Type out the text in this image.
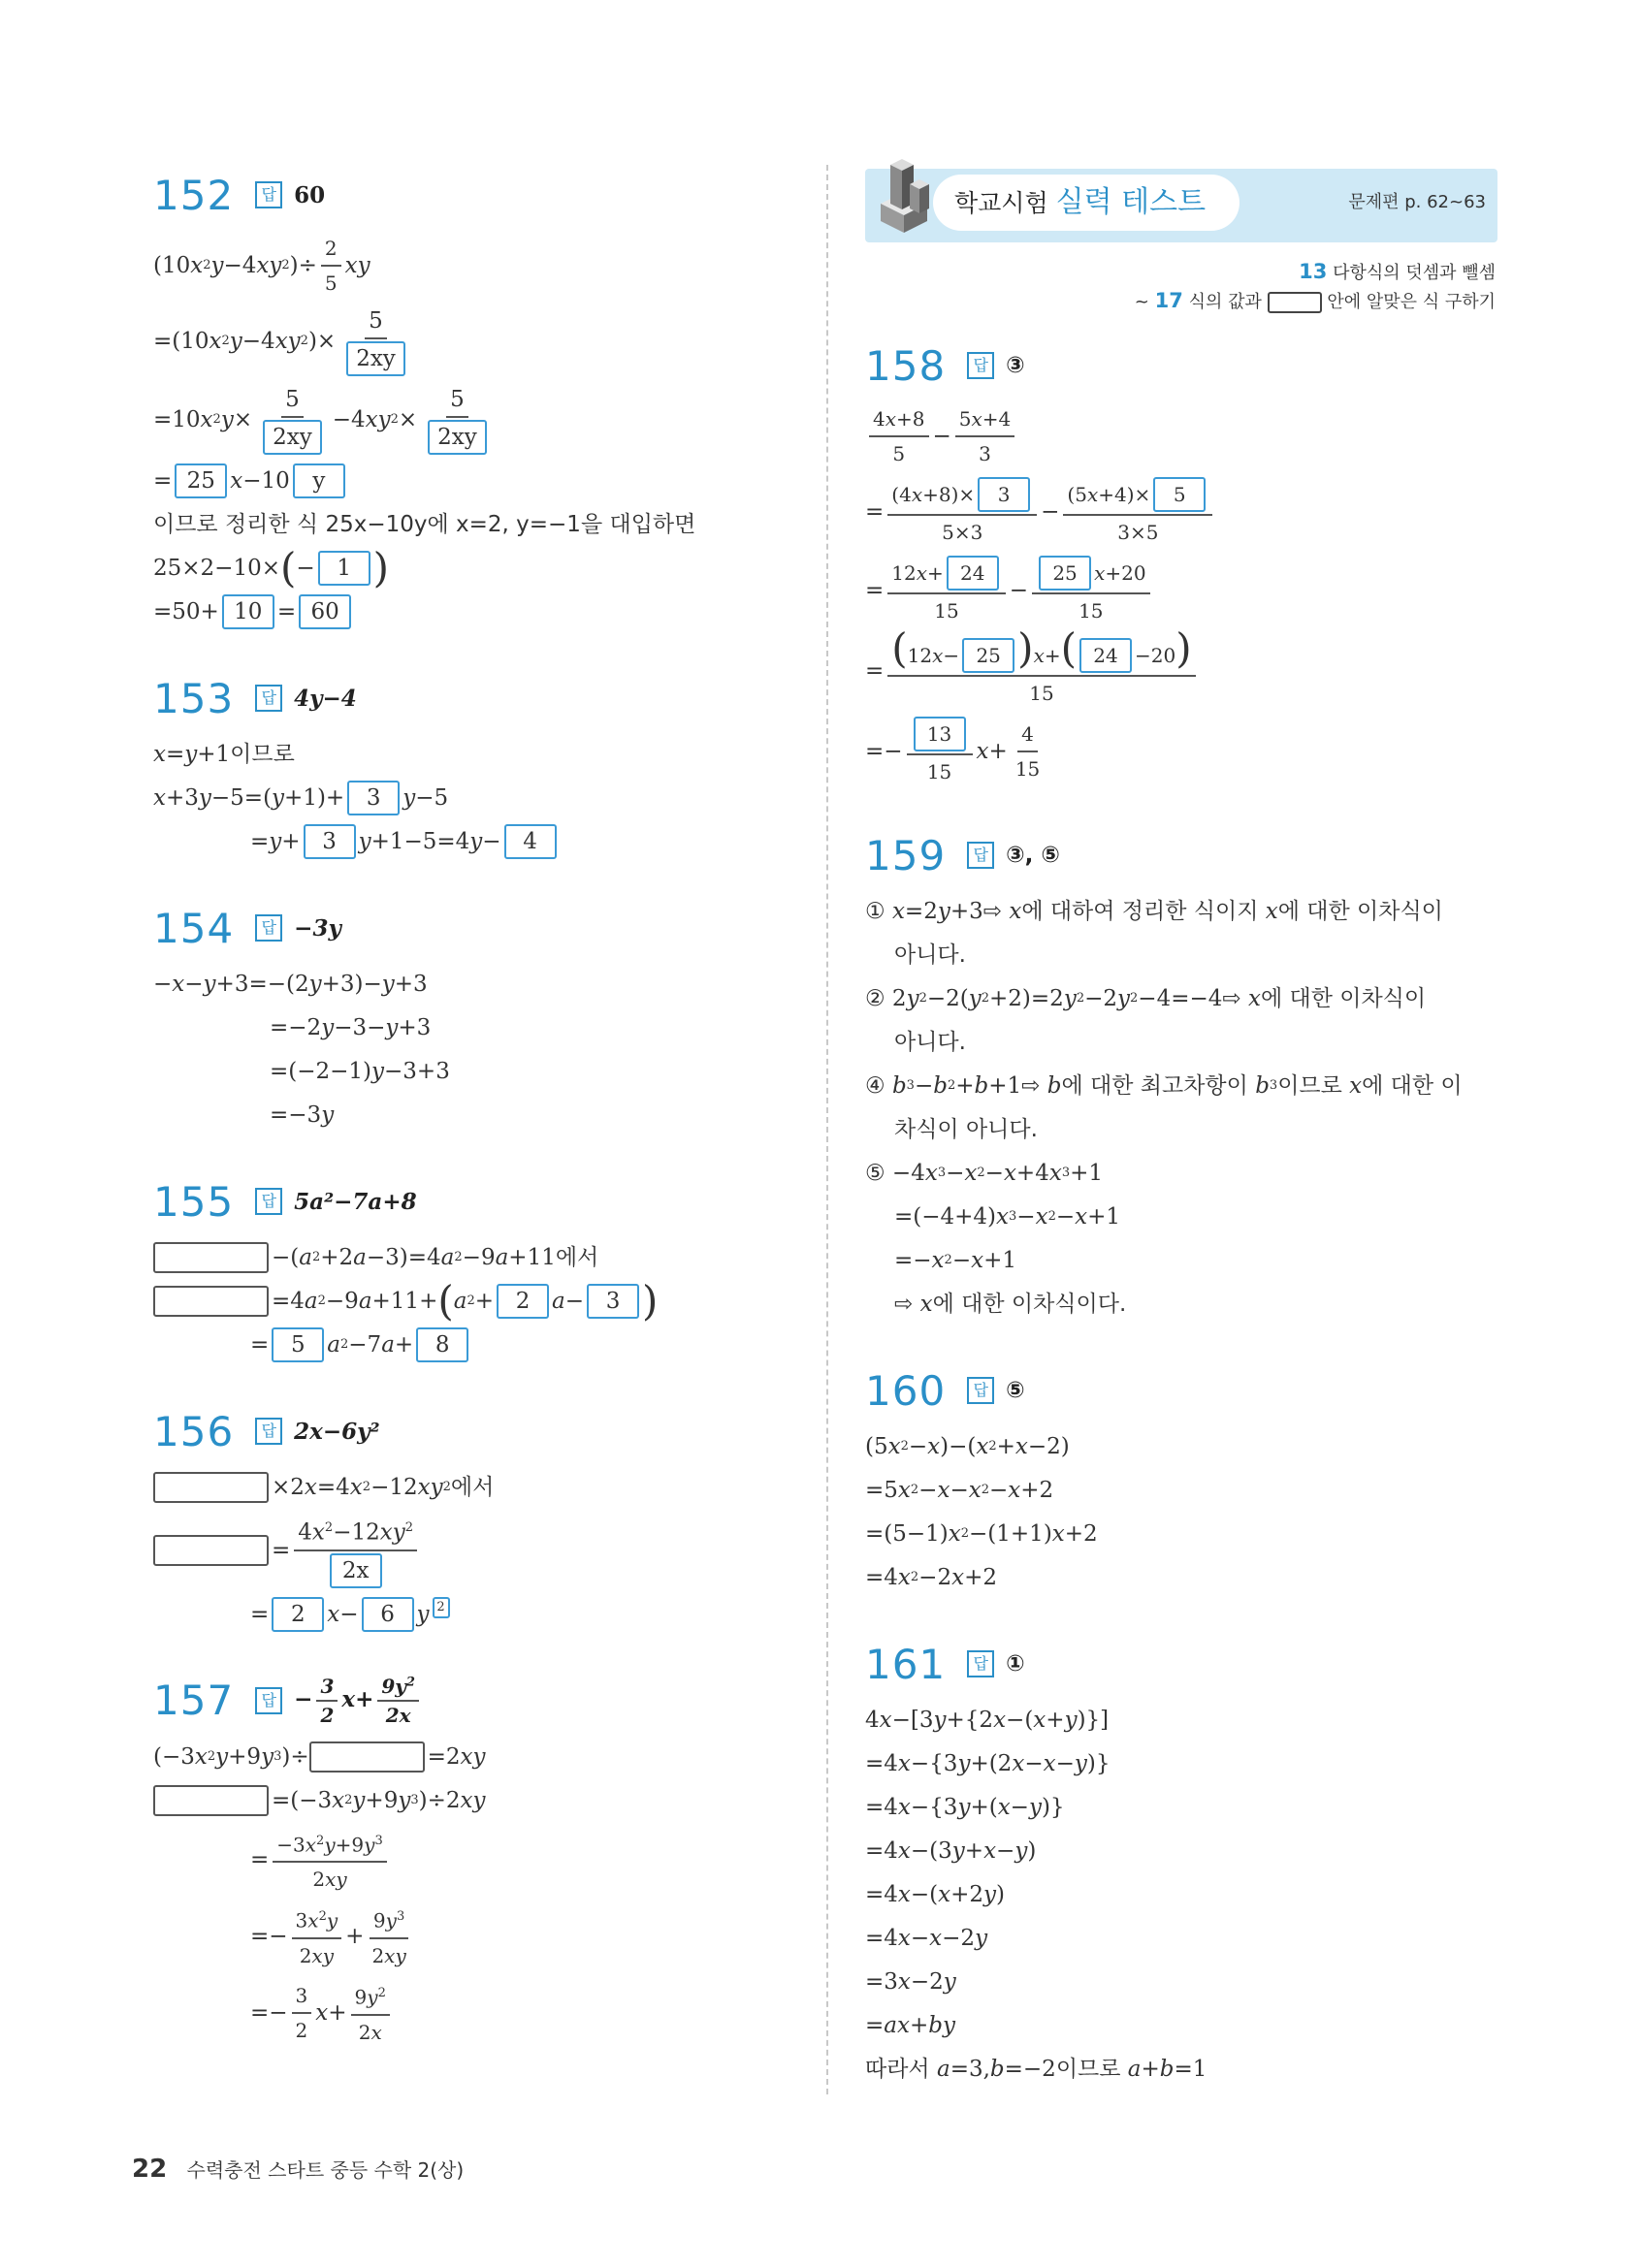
152	답 60
(10 x 2 y −4 xy 2 )÷ $\frac{2}{5}$ xy
=(10 x 2 y −4 xy 2 )× $\frac{5}{2xy}$
=10 x 2 $y \times \frac{5}{2xy} -4$ xy $2 \times \frac{5}{2xy}$
= 25 x −10	y
이므로 정리한 식 25x−10y에 x=2, y=−1을 대입하면
25×2−10× ( − 1 )
=50+ 10 = 60
153	답 4y−4
x = y +1 이므로
x +3 y −5=( y +1)+ 3 y −5
= y + 3 y +1−5=4 y − 4
154	답 −3y
− x − y +3=−(2 y +3)− y +3
=−2 y −3− y +3
=(−2−1) y −3+3
=−3 y
155	답 5a²−7a+8
−( a 2 +2 a −3)=4 a 2 −9 a +11 에서
=4 a 2 −9 a +11+ ( a 2 + 2 a − 3 )
= 5 a 2 −7 a + 8
156	답 2x−6y²
×2 x =4 x 2 −12 xy 2 에서
= $\frac{4x^2-12xy^2}{2x}$
= 2 x − 6 y 2
157	답 − $\frac{3}{2} x+ \frac{9y^2}{2x}$
(−3 x 2 y +9 y 3 )÷	=2 xy
=(−3 x 2 y +9 y 3 )÷2 xy
= $\frac{-3x^2y+9y^3}{2xy}$
=− $\frac{3x^2y}{2xy} + \frac{9y^3}{2xy}$
=− $\frac{3}{2}$ $x + \frac{9y^2}{2x}$
학교시험 실력 테스트	문제편 p. 62~63
13 다항식의 덧셈과 뺄셈
~ 17 식의 값과	안에 알맞은 식 구하기
158	답 ③
$\frac{4x+8}{5} - \frac{5x+4}{3}$
= $\frac{(4x+8)\times 3}{5\times 3} - \frac{(5x+4)\times 5}{3\times 5}$
= $\frac{12x+ 24}{15} - \frac{25 x+20}{15}$
= $\frac{(12x- 25 )x+( 24 -20)}{15}$
=− $\frac{13}{15}$ $x + \frac{4}{15}$
159	답 ③, ⑤
①
x =2 y +3 ⇨
x 에 대하여 정리한 식이지
x 에 대한 이차식이
아니다.
② 2 y 2 −2( y 2 +2)=2 y 2 −2 y 2 −4=−4 ⇨
x 에 대한 이차식이
아니다.
④
b 3 − b 2 + b +1 ⇨
b 에 대한 최고차항이
b 3 이므로
x 에 대한 이
차식이 아니다.
⑤ −4 x 3 − x 2 − x +4 x 3 +1
=(−4+4) x 3 − x 2 − x +1
=− x 2 − x +1
⇨
x 에 대한 이차식이다.
160	답 ⑤
(5 x 2 − x )−( x 2 + x −2)
=5 x 2 − x − x 2 − x +2
=(5−1) x 2 −(1+1) x +2
=4 x 2 −2 x +2
161	답 ①
4 x −[3 y +{2 x −( x + y )}]
=4 x −{3 y +(2 x − x − y )}
=4 x −{3 y +( x − y )}
=4 x −(3 y + x − y )
=4 x −( x +2 y )
=4 x − x −2 y
=3 x −2 y
= ax + by
따라서
a =3, b =−2 이므로
a + b =1
22 수력충전 스타트 중등 수학 2(상)
